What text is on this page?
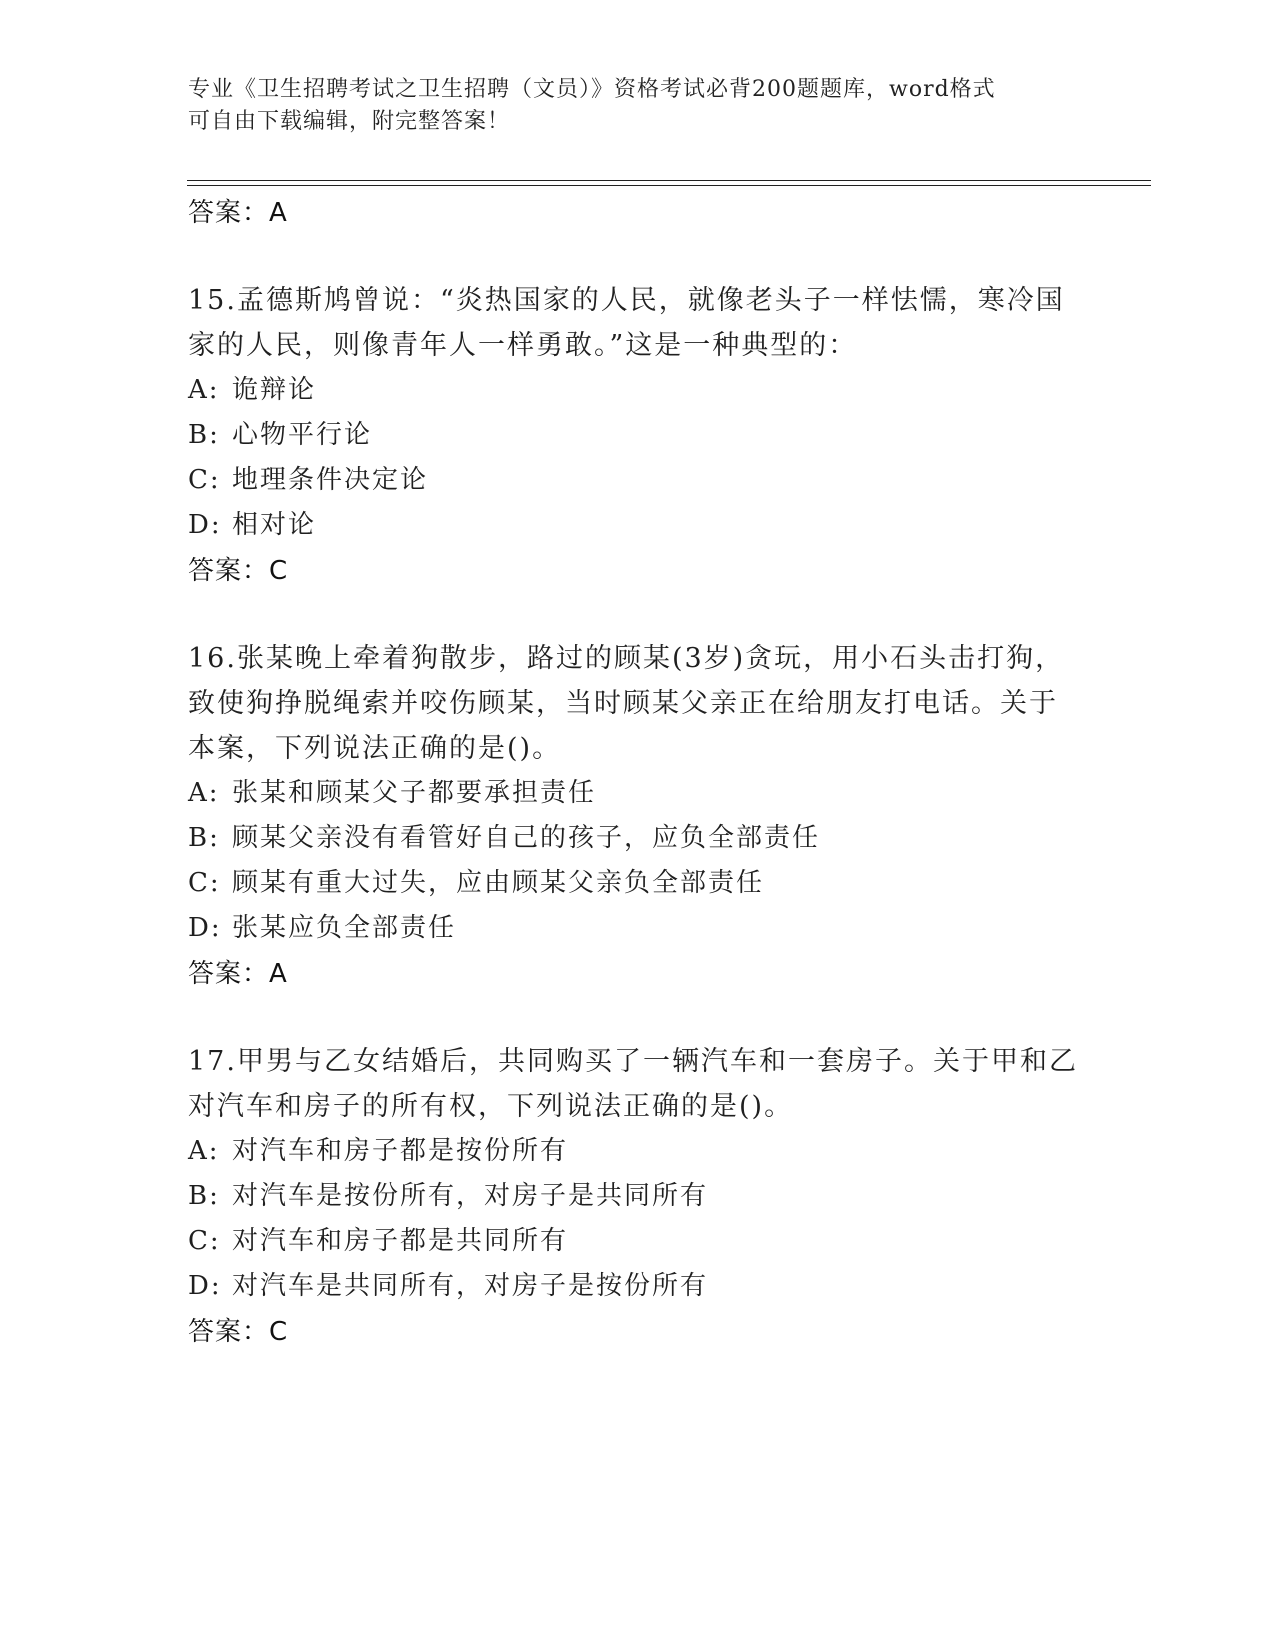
专业《卫生招聘考试之卫生招聘（文员）》资格考试必背200题题库，word格式
可自由下载编辑，附完整答案！
答案：A
15.孟德斯鸠曾说：“炎热国家的人民，就像老头子一样怯懦，寒冷国
家的人民，则像青年人一样勇敢。”这是一种典型的：
A: 诡辩论
B: 心物平行论
C: 地理条件决定论
D: 相对论
答案：C
16.张某晚上牵着狗散步，路过的顾某(3岁)贪玩，用小石头击打狗，
致使狗挣脱绳索并咬伤顾某，当时顾某父亲正在给朋友打电话。关于
本案，下列说法正确的是()。
A: 张某和顾某父子都要承担责任
B: 顾某父亲没有看管好自己的孩子，应负全部责任
C: 顾某有重大过失，应由顾某父亲负全部责任
D: 张某应负全部责任
答案：A
17.甲男与乙女结婚后，共同购买了一辆汽车和一套房子。关于甲和乙
对汽车和房子的所有权，下列说法正确的是()。
A: 对汽车和房子都是按份所有
B: 对汽车是按份所有，对房子是共同所有
C: 对汽车和房子都是共同所有
D: 对汽车是共同所有，对房子是按份所有
答案：C
